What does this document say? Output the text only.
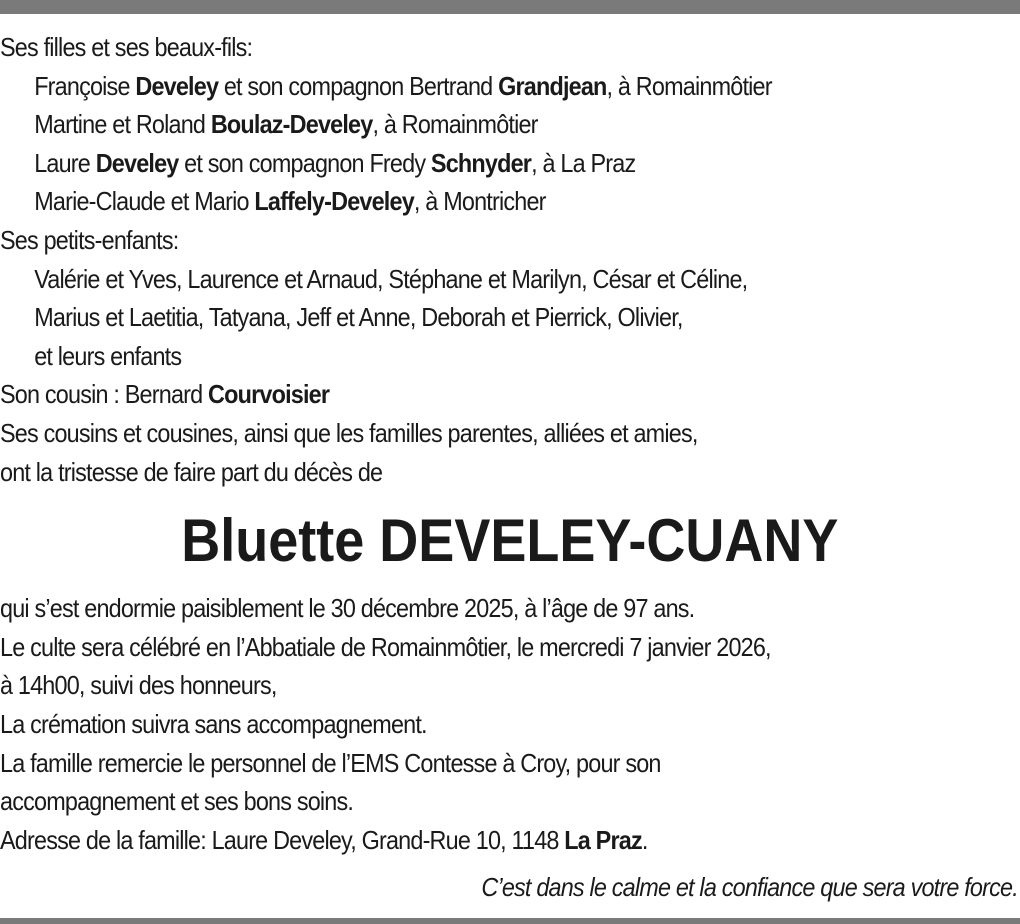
Ses filles et ses beaux-fils:
Françoise Develey et son compagnon Bertrand Grandjean, à Romainmôtier
Martine et Roland Boulaz-Develey, à Romainmôtier
Laure Develey et son compagnon Fredy Schnyder, à La Praz
Marie-Claude et Mario Laffely-Develey, à Montricher
Ses petits-enfants:
Valérie et Yves, Laurence et Arnaud, Stéphane et Marilyn, César et Céline,
Marius et Laetitia, Tatyana, Jeff et Anne, Deborah et Pierrick, Olivier,
et leurs enfants
Son cousin : Bernard Courvoisier
Ses cousins et cousines, ainsi que les familles parentes, alliées et amies,
ont la tristesse de faire part du décès de
Bluette DEVELEY-CUANY
qui s’est endormie paisiblement le 30 décembre 2025, à l’âge de 97 ans.
Le culte sera célébré en l’Abbatiale de Romainmôtier, le mercredi 7 janvier 2026,
à 14h00, suivi des honneurs,
La crémation suivra sans accompagnement.
La famille remercie le personnel de l’EMS Contesse à Croy, pour son
accompagnement et ses bons soins.
Adresse de la famille: Laure Develey, Grand-Rue 10, 1148 La Praz.
C’est dans le calme et la confiance que sera votre force.
